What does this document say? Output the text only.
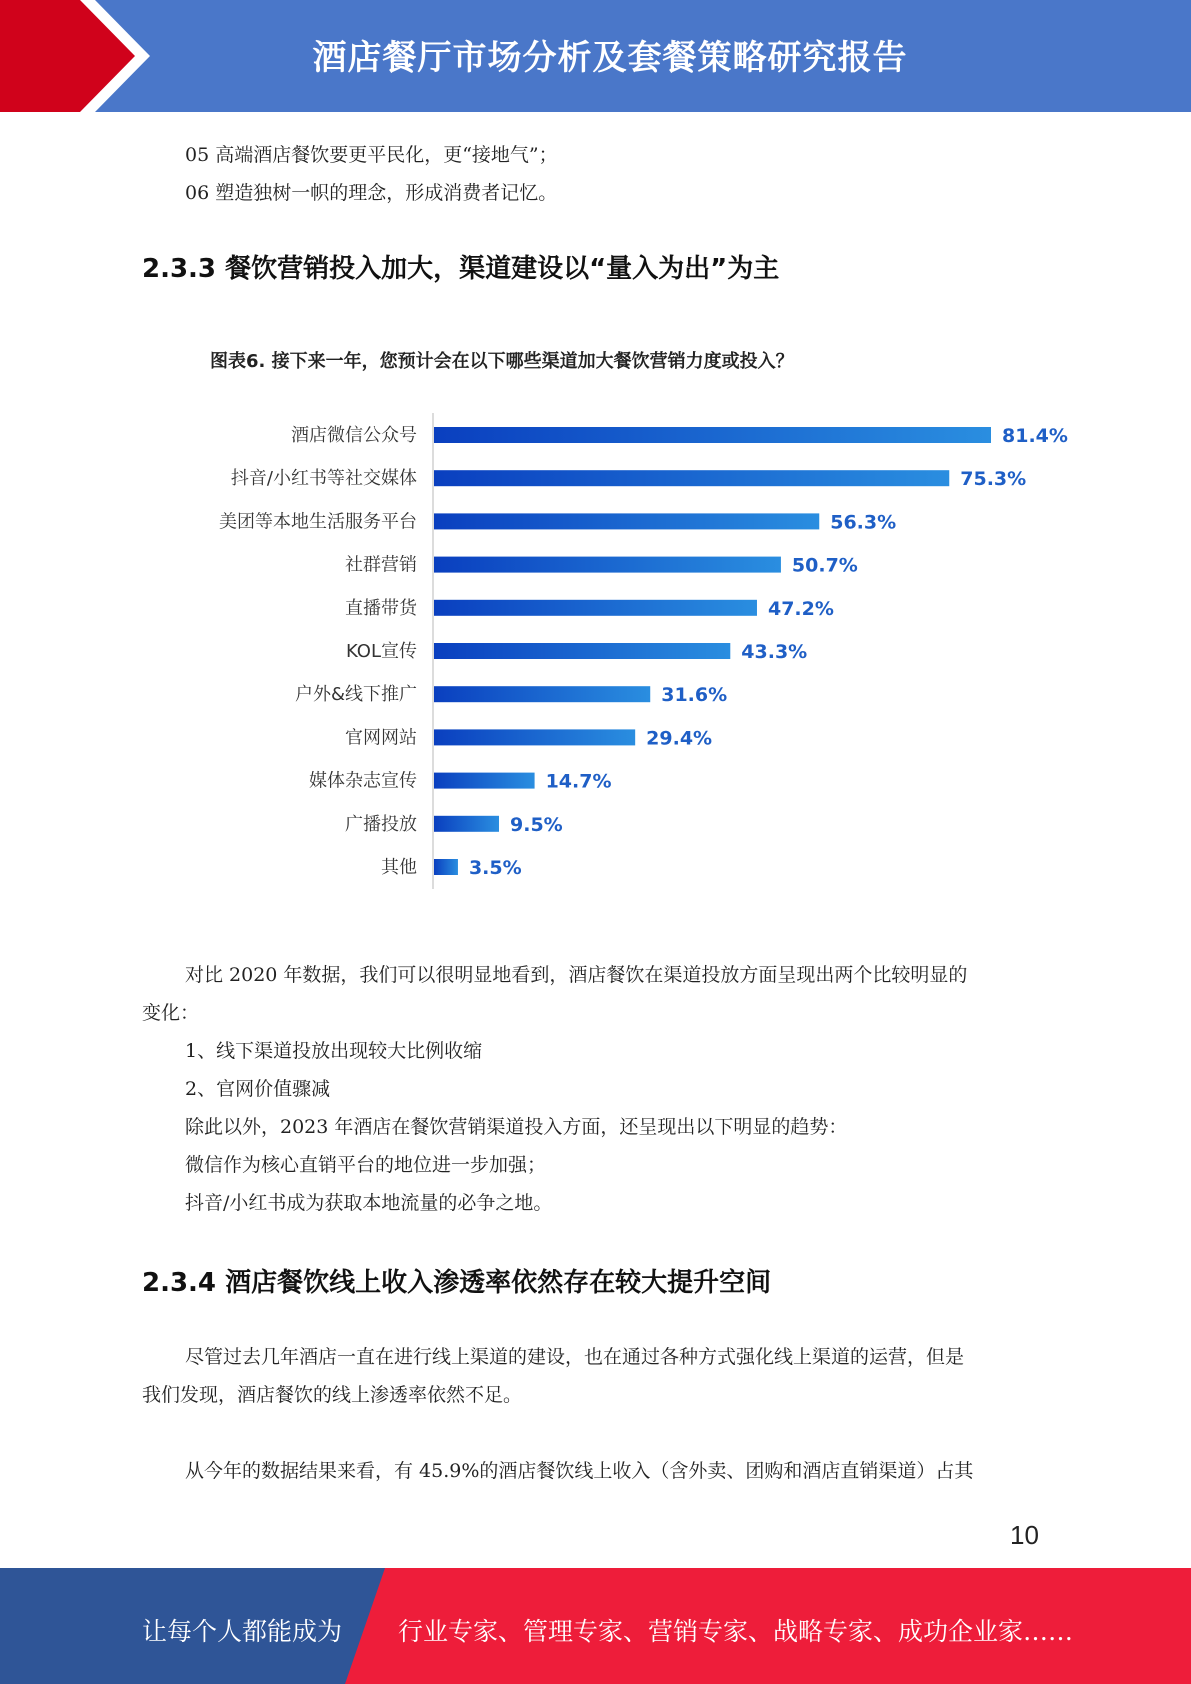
酒店餐厅市场分析及套餐策略研究报告
05 高端酒店餐饮要更平民化，更“接地气”；
06 塑造独树一帜的理念，形成消费者记忆。
2.3.3 餐饮营销投入加大，渠道建设以“量入为出”为主
图表6. 接下来一年，您预计会在以下哪些渠道加大餐饮营销力度或投入？
酒店微信公众号	81.4%
抖音/小红书等社交媒体	75.3%
美团等本地生活服务平台	56.3%
社群营销	50.7%
直播带货	47.2%
KOL宣传	43.3%
户外&线下推广	31.6%
官网网站	29.4%
媒体杂志宣传	14.7%
广播投放	9.5%
其他	3.5%
对比 2020 年数据，我们可以很明显地看到，酒店餐饮在渠道投放方面呈现出两个比较明显的
变化：
1、线下渠道投放出现较大比例收缩
2、官网价值骤减
除此以外，2023 年酒店在餐饮营销渠道投入方面，还呈现出以下明显的趋势：
微信作为核心直销平台的地位进一步加强；
抖音/小红书成为获取本地流量的必争之地。
2.3.4 酒店餐饮线上收入渗透率依然存在较大提升空间
尽管过去几年酒店一直在进行线上渠道的建设，也在通过各种方式强化线上渠道的运营，但是
我们发现，酒店餐饮的线上渗透率依然不足。
从今年的数据结果来看，有 45.9%的酒店餐饮线上收入（含外卖、团购和酒店直销渠道）占其
10
让每个人都能成为 行业专家、管理专家、营销专家、战略专家、成功企业家……
